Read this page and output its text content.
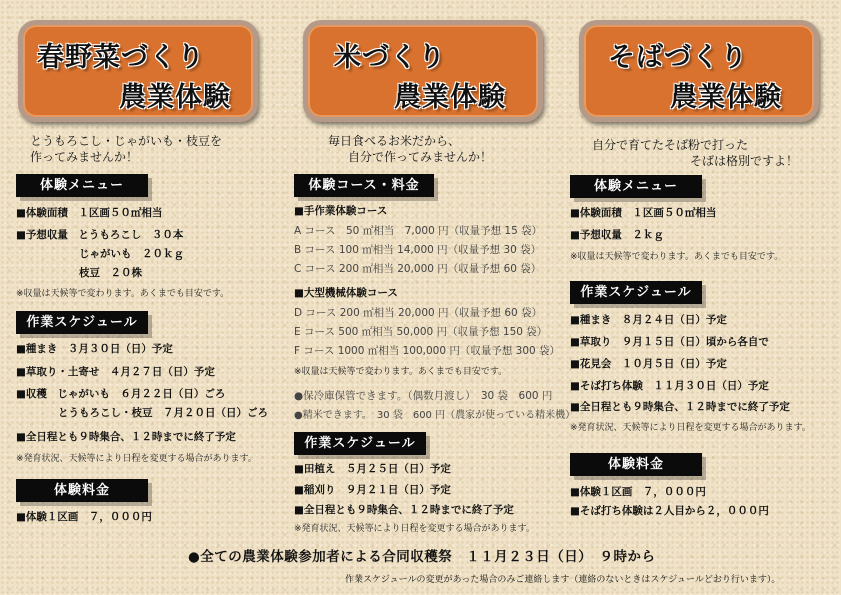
春野菜づくり
農業体験
とうもろこし・じゃがいも・枝豆を
作ってみませんか！
体験メニュー
■体験面積　１区画５０㎡相当
■予想収量　とうもろこし　３０本
　　　　　　じゃがいも　２０ｋｇ
　　　　　　枝豆　２０株
※収量は天候等で変わります。あくまでも目安です。
作業スケジュール
■種まき　３月３０日（日）予定
■草取り・土寄せ　４月２７日（日）予定
■収穫　じゃがいも　６月２２日（日）ごろ
　　　　とうもろこし・枝豆　７月２０日（日）ごろ
■全日程とも９時集合、１２時までに終了予定
※発育状況、天候等により日程を変更する場合があります。
体験料金
■体験１区画　７，０００円
米づくり
農業体験
毎日食べるお米だから、
自分で作ってみませんか！
体験コース・料金
■手作業体験コース
A コース　50 ㎡相当　7,000 円（収量予想 15 袋）
B コース 100 ㎡相当 14,000 円（収量予想 30 袋）
C コース 200 ㎡相当 20,000 円（収量予想 60 袋）
■大型機械体験コース
D コース 200 ㎡相当 20,000 円（収量予想 60 袋）
E コース 500 ㎡相当 50,000 円（収量予想 150 袋）
F コース 1000 ㎡相当 100,000 円（収量予想 300 袋）
※収量は天候等で変わります。あくまでも目安です。
●保冷庫保管できます。（偶数月渡し）　30 袋　600 円
●精米できます。　30 袋　600 円（農家が使っている精米機）
作業スケジュール
■田植え　５月２５日（日）予定
■稲刈り　９月２１日（日）予定
■全日程とも９時集合、１２時までに終了予定
※発育状況、天候等により日程を変更する場合があります。
そばづくり
農業体験
自分で育てたそば粉で打った
そばは格別ですよ！
体験メニュー
■体験面積　１区画５０㎡相当
■予想収量　２ｋｇ
※収量は天候等で変わります。あくまでも目安です。
作業スケジュール
■種まき　８月２４日（日）予定
■草取り　９月１５日（日）頃から各自で
■花見会　１０月５日（日）予定
■そば打ち体験　１１月３０日（日）予定
■全日程とも９時集合、１２時までに終了予定
※発育状況、天候等により日程を変更する場合があります。
体験料金
■体験１区画　７，０００円
■そば打ち体験は２人目から２，０００円
●全ての農業体験参加者による合同収穫祭　１１月２３日（日）　９時から
作業スケジュールの変更があった場合のみご連絡します（連絡のないときはスケジュールどおり行います）。
